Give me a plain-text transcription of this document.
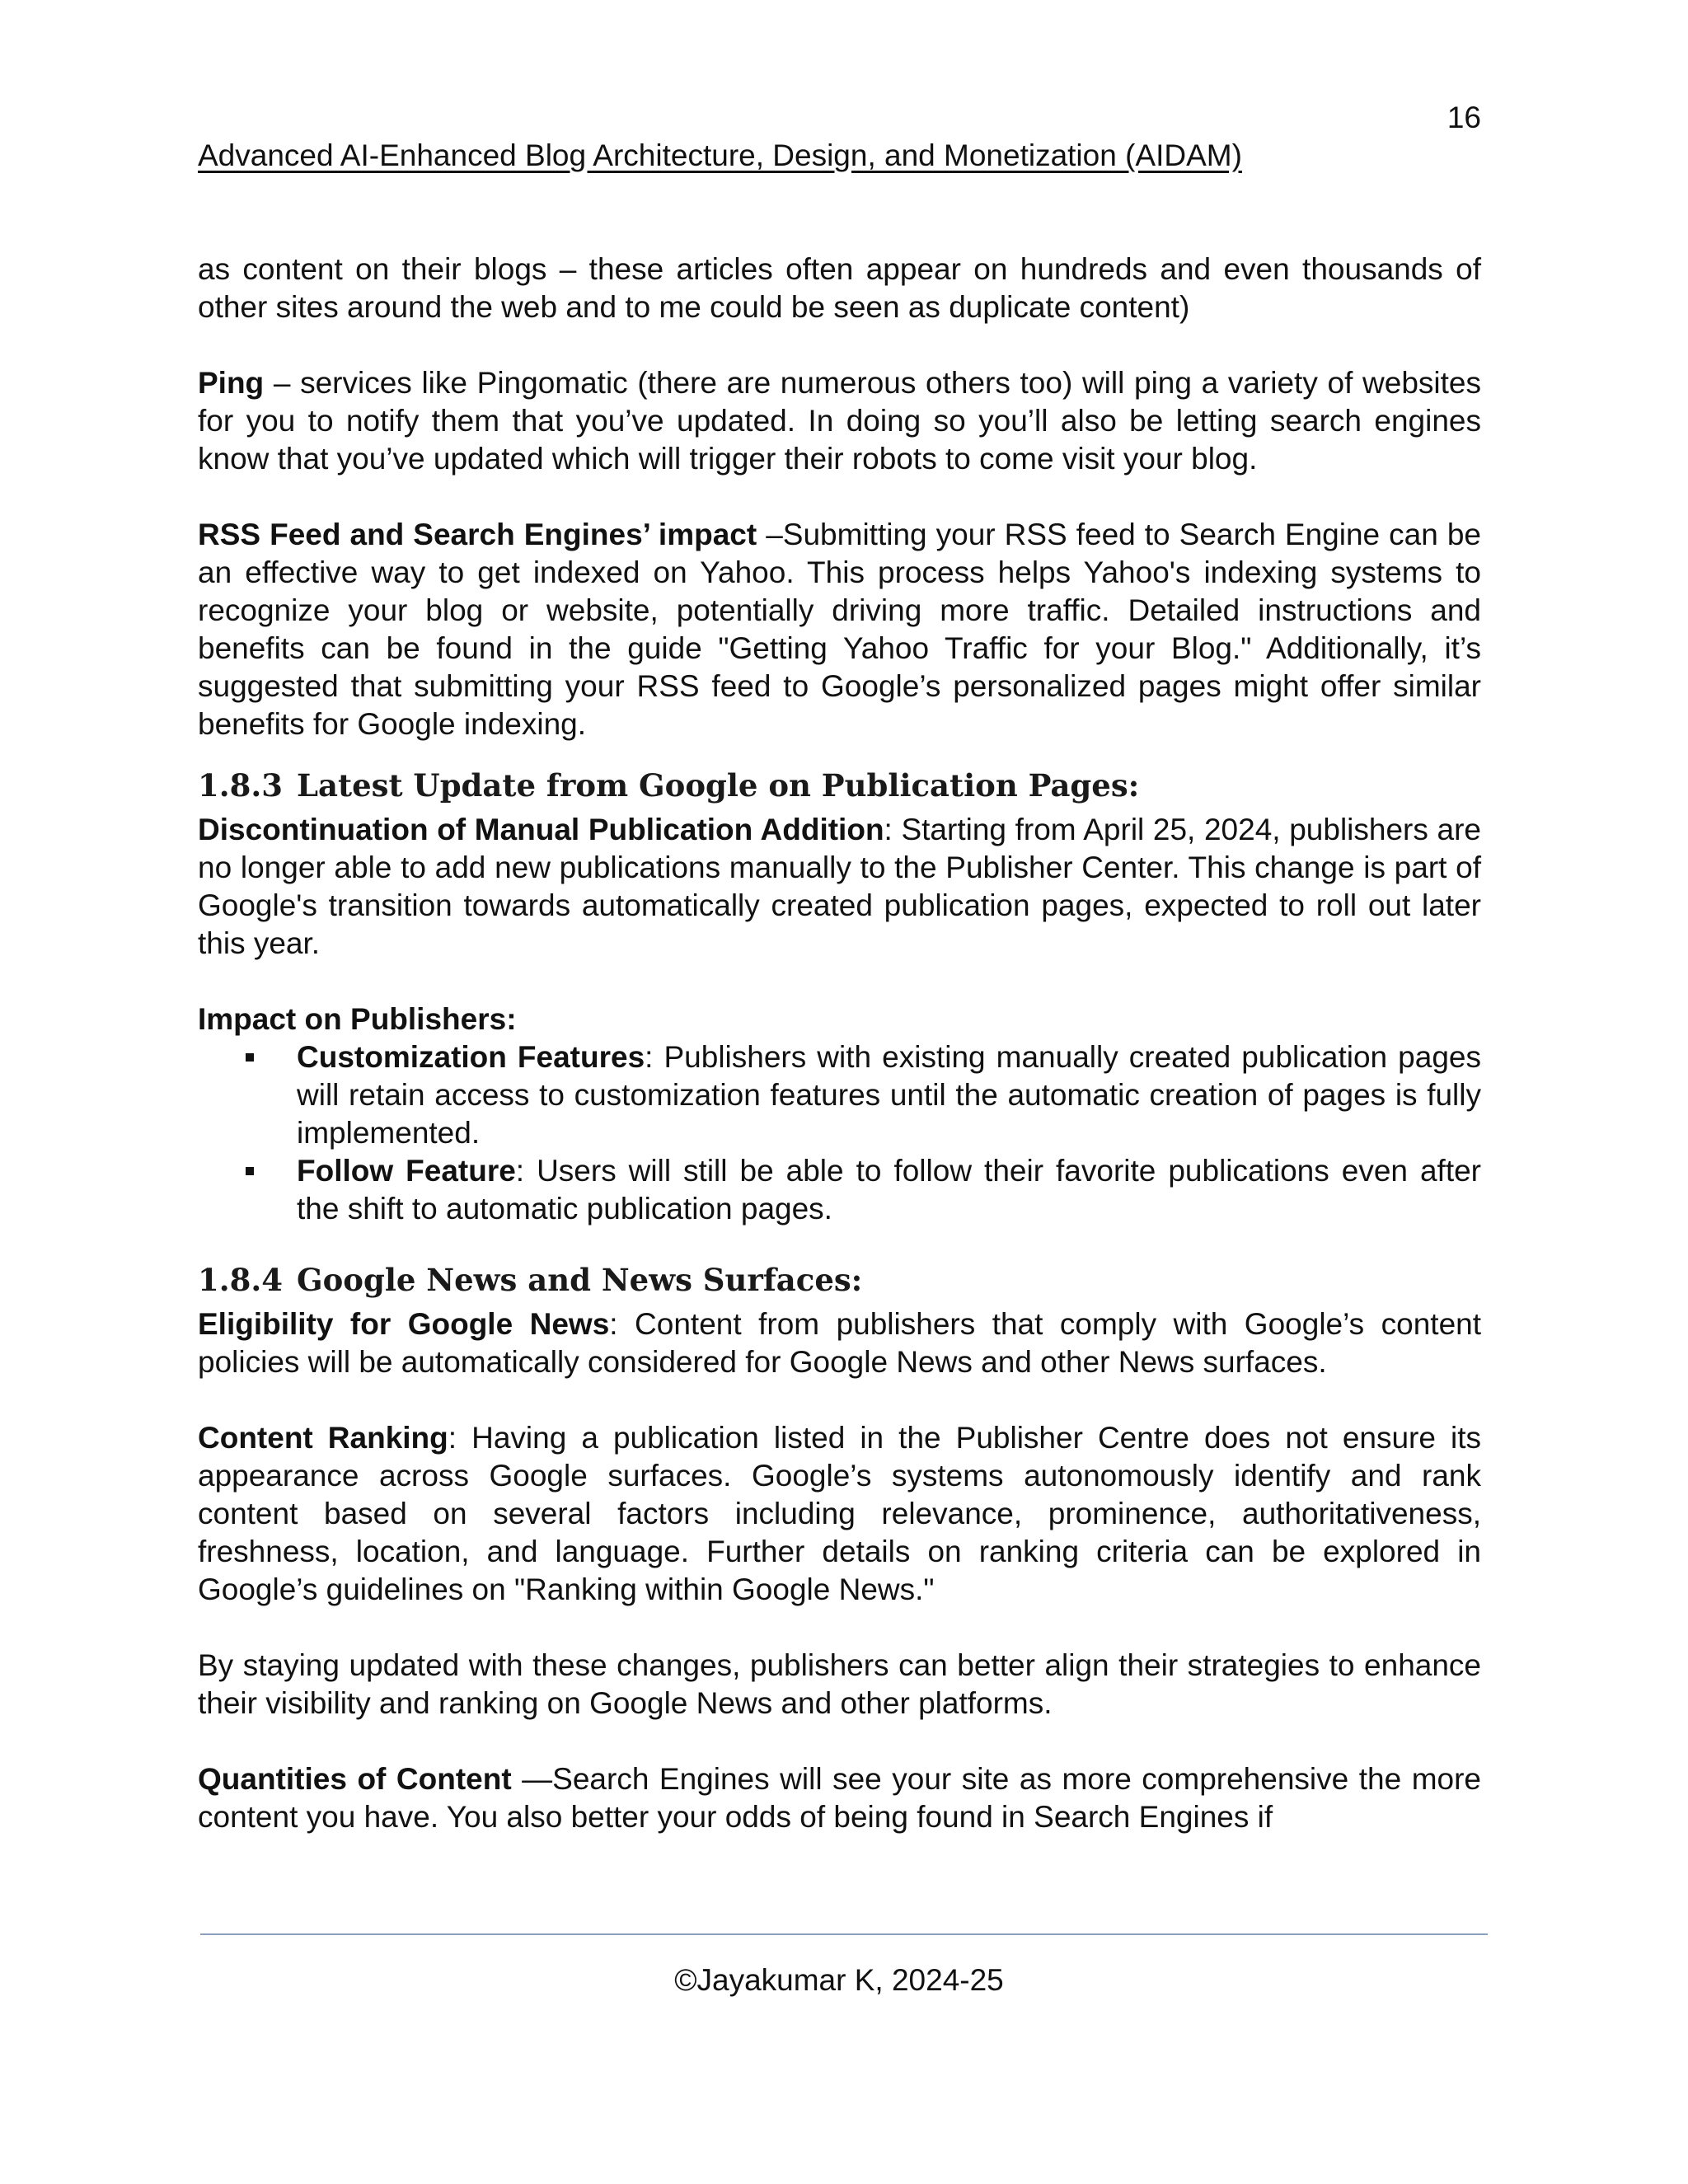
16
Advanced AI-Enhanced Blog Architecture, Design, and Monetization (AIDAM)

as content on their blogs – these articles often appear on hundreds and even thousands of other sites around the web and to me could be seen as duplicate content)

Ping – services like Pingomatic (there are numerous others too) will ping a variety of websites for you to notify them that you’ve updated. In doing so you’ll also be letting search engines know that you’ve updated which will trigger their robots to come visit your blog.

RSS Feed and Search Engines’ impact –Submitting your RSS feed to Search Engine can be an effective way to get indexed on Yahoo. This process helps Yahoo's indexing systems to recognize your blog or website, potentially driving more traffic. Detailed instructions and benefits can be found in the guide "Getting Yahoo Traffic for your Blog." Additionally, it’s suggested that submitting your RSS feed to Google’s personalized pages might offer similar benefits for Google indexing.

1.8.3 Latest Update from Google on Publication Pages:

Discontinuation of Manual Publication Addition: Starting from April 25, 2024, publishers are no longer able to add new publications manually to the Publisher Center. This change is part of Google's transition towards automatically created publication pages, expected to roll out later this year.

Impact on Publishers:

Customization Features: Publishers with existing manually created publication pages will retain access to customization features until the automatic creation of pages is fully implemented.
Follow Feature: Users will still be able to follow their favorite publications even after the shift to automatic publication pages.
1.8.4 Google News and News Surfaces:

Eligibility for Google News: Content from publishers that comply with Google’s content policies will be automatically considered for Google News and other News surfaces.

Content Ranking: Having a publication listed in the Publisher Centre does not ensure its appearance across Google surfaces. Google’s systems autonomously identify and rank content based on several factors including relevance, prominence, authoritativeness, freshness, location, and language. Further details on ranking criteria can be explored in Google’s guidelines on "Ranking within Google News."

By staying updated with these changes, publishers can better align their strategies to enhance their visibility and ranking on Google News and other platforms.

Quantities of Content —Search Engines will see your site as more comprehensive the more content you have. You also better your odds of being found in Search Engines if

©Jayakumar K, 2024-25
